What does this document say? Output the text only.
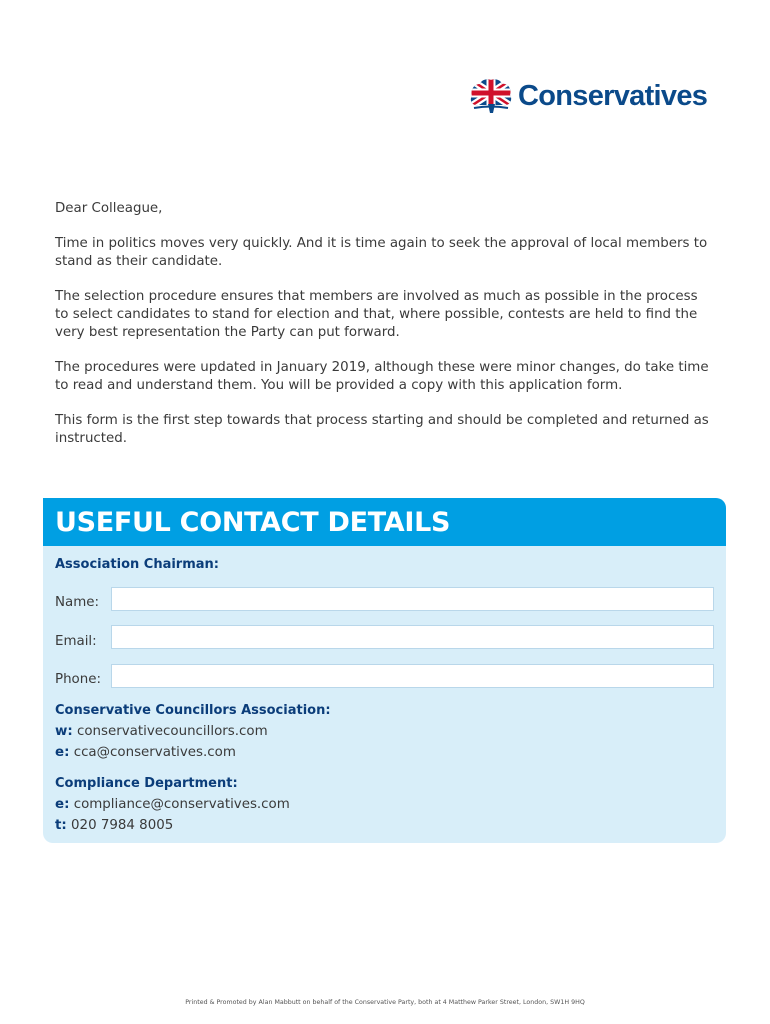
Conservatives

Dear Colleague,

Time in politics moves very quickly. And it is time again to seek the approval of local members to stand as their candidate.

The selection procedure ensures that members are involved as much as possible in the process to select candidates to stand for election and that, where possible, contests are held to find the very best representation the Party can put forward.

The procedures were updated in January 2019, although these were minor changes, do take time to read and understand them. You will be provided a copy with this application form.

This form is the first step towards that process starting and should be completed and returned as instructed.

USEFUL CONTACT DETAILS
Association Chairman:
Name:
Email:
Phone:
Conservative Councillors Association:
w: conservativecouncillors.com
e: cca@conservatives.com
Compliance Department:
e: compliance@conservatives.com
t: 020 7984 8005
Printed & Promoted by Alan Mabbutt on behalf of the Conservative Party, both at 4 Matthew Parker Street, London, SW1H 9HQ
